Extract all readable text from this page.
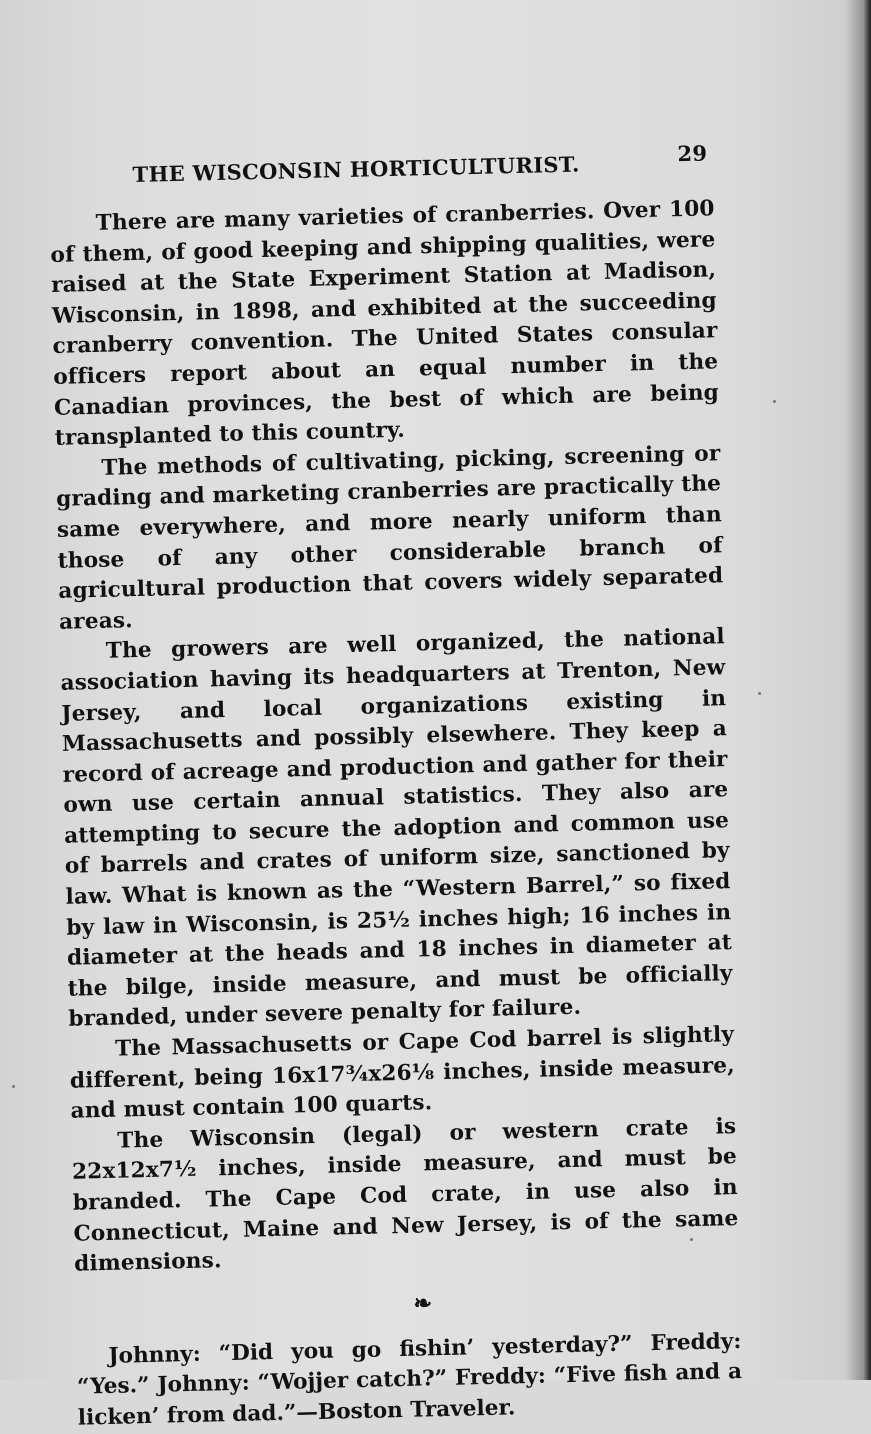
THE WISCONSIN HORTICULTURIST.	29

There are many varieties of cranberries. Over 100 of them, of good keeping and shipping qualities, were raised at the State Experiment Station at Madison, Wisconsin, in 1898, and exhibited at the succeeding cranberry convention. The United States consular officers report about an equal number in the Canadian provinces, the best of which are being transplanted to this country.

The methods of cultivating, picking, screening or grading and marketing cranberries are practically the same everywhere, and more nearly uniform than those of any other considerable branch of agricultural production that covers widely separated areas.

The growers are well organized, the national association having its headquarters at Trenton, New Jersey, and local organizations existing in Massachusetts and possibly elsewhere. They keep a record of acreage and production and gather for their own use certain annual statistics. They also are attempting to secure the adoption and common use of barrels and crates of uniform size, sanctioned by law. What is known as the “Western Barrel,” so fixed by law in Wisconsin, is 25½ inches high; 16 inches in diameter at the heads and 18 inches in diameter at the bilge, inside measure, and must be officially branded, under severe penalty for failure.

The Massachusetts or Cape Cod barrel is slightly different, being 16x17¾x26⅛ inches, inside measure, and must contain 100 quarts.

The Wisconsin (legal) or western crate is 22x12x7½ inches, inside measure, and must be branded. The Cape Cod crate, in use also in Connecticut, Maine and New Jersey, is of the same dimensions.

❧

Johnny: “Did you go fishin’ yesterday?” Freddy: “Yes.” Johnny: “Wojjer catch?” Freddy: “Five fish and a licken’ from dad.”—Boston Traveler.
